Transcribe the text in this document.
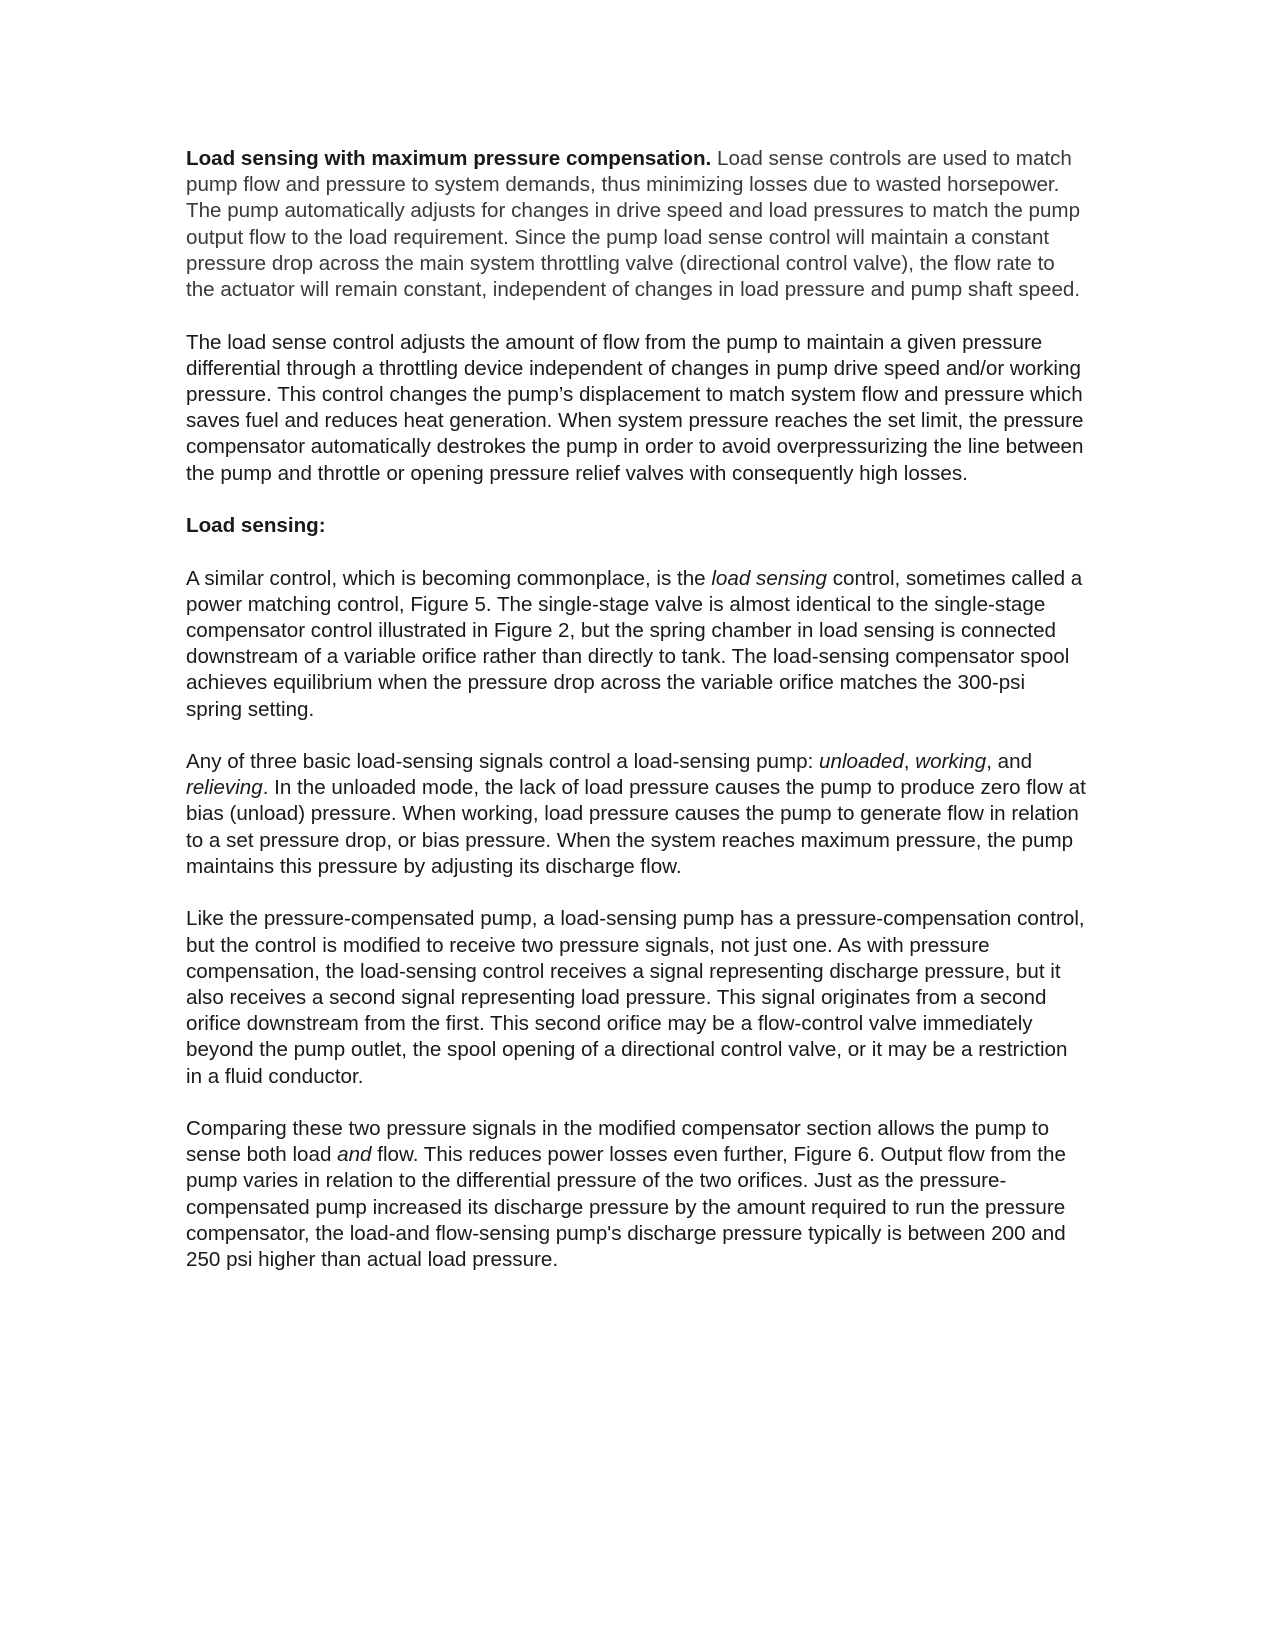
Load sensing with maximum pressure compensation. Load sense controls are used to match pump flow and pressure to system demands, thus minimizing losses due to wasted horsepower. The pump automatically adjusts for changes in drive speed and load pressures to match the pump output flow to the load requirement. Since the pump load sense control will maintain a constant pressure drop across the main system throttling valve (directional control valve), the flow rate to the actuator will remain constant, independent of changes in load pressure and pump shaft speed.

The load sense control adjusts the amount of flow from the pump to maintain a given pressure differential through a throttling device independent of changes in pump drive speed and/or working pressure. This control changes the pump’s displacement to match system flow and pressure which saves fuel and reduces heat generation. When system pressure reaches the set limit, the pressure compensator automatically destrokes the pump in order to avoid overpressurizing the line between the pump and throttle or opening pressure relief valves with consequently high losses.

Load sensing:

A similar control, which is becoming commonplace, is the load sensing control, sometimes called a power matching control, Figure 5. The single-stage valve is almost identical to the single-stage compensator control illustrated in Figure 2, but the spring chamber in load sensing is connected downstream of a variable orifice rather than directly to tank. The load-sensing compensator spool achieves equilibrium when the pressure drop across the variable orifice matches the 300-psi spring setting.

Any of three basic load-sensing signals control a load-sensing pump: unloaded, working, and relieving. In the unloaded mode, the lack of load pressure causes the pump to produce zero flow at bias (unload) pressure. When working, load pressure causes the pump to generate flow in relation to a set pressure drop, or bias pressure. When the system reaches maximum pressure, the pump maintains this pressure by adjusting its discharge flow.

Like the pressure-compensated pump, a load-sensing pump has a pressure-compensation control, but the control is modified to receive two pressure signals, not just one. As with pressure compensation, the load-sensing control receives a signal representing discharge pressure, but it also receives a second signal representing load pressure. This signal originates from a second orifice downstream from the first. This second orifice may be a flow-control valve immediately beyond the pump outlet, the spool opening of a directional control valve, or it may be a restriction in a fluid conductor.

Comparing these two pressure signals in the modified compensator section allows the pump to sense both load and flow. This reduces power losses even further, Figure 6. Output flow from the pump varies in relation to the differential pressure of the two orifices. Just as the pressure-compensated pump increased its discharge pressure by the amount required to run the pressure compensator, the load-and flow-sensing pump's discharge pressure typically is between 200 and 250 psi higher than actual load pressure.
